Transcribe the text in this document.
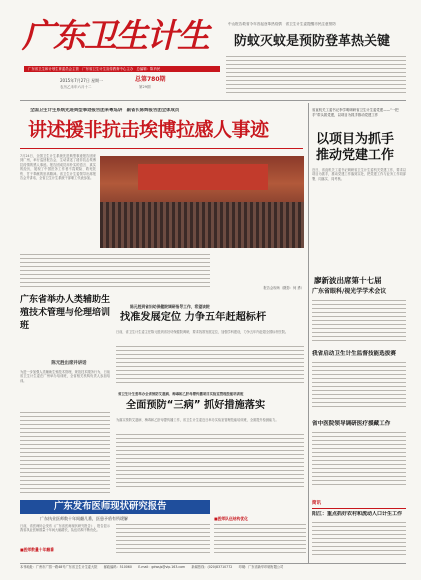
广东卫生计生
广东省卫生和计划生育委员会主管　广东省卫生计生宣传教育中心主办　总编辑：陈肖民
2015年7月27日 星期一	总第780期
农历乙未年六月十二	第29期
中山报告救省今年首起登革热疫情　省卫生计生委提醒市民注意预防
防蚊灭蚊是预防登革热关键
全国卫生计生系统先进典型事迹报告团来粤巡讲　副省长陈辉报告团全体成员
讲述援非抗击埃博拉感人事迹
7月24日，全国卫生计生系统先进典型事迹报告团来到广州，举行巡回报告会，生动讲述了援非抗击埃博拉疫情的感人事迹。报告团成员用朴实的语言、真实的经历，展现了中国医务工作者不畏艰险、救死扶伤、甘于奉献的崇高精神。省卫生计生委领导出席报告会并讲话，全省卫生计生系统干部职工代表参加。
报告会现场（摄影：何 勇）
省直机关工委书记李学明调研省卫生计生委党建——“一把手”带头抓党建，以项目为抓手推动党建工作
以项目为抓手
推动党建工作
近日，省直机关工委书记调研省卫生计生委机关党建工作，要求以项目为抓手，推动党建工作落到实处，把党建工作与业务工作同部署、同落实、同考核。
廖新波出席第十七届
广东省眼科/视光学学术会议
我省启动卫生计生监督技能选拔赛
省中医院领导调研医疗援藏工作
简讯
阳江：重点抓好农村和流动人口计生工作
广东省举办人类辅助生殖技术管理与伦理培训班
陈元胜出席并讲话
为进一步加强人类辅助生殖技术管理，规范技术服务行为，日前省卫生计生委在广州举办培训班，全省相关机构负责人参加培训。
陈元胜到省妇幼保健院调研指导工作，希望该院
找准发展定位 力争五年赶超标杆
日前，省卫生计生委主任陈元胜到省妇幼保健院调研，要求找准发展定位，加强学科建设，力争五年内赶超全国标杆医院。
省卫生计生委举办全省预防艾滋病、梅毒和乙肝母婴传播项目实验室管理技能培训班
全面预防“三病” 抓好措施落实
为落实预防艾滋病、梅毒和乙肝母婴传播工作，省卫生计生委近日举办实验室管理技能培训班，全面提升检测能力。
广东发布医师现状研究报告
广东执业医师数十年间翻几番，医患矛盾有所缓解
日前，省医师协会发布《广东省医师现状研究报告》，报告显示我省执业医师数量十年间大幅增长，队伍结构不断优化。
■医师数量十年翻番
■医师队伍结构优化
本刊地址：广州市广园一路48号广东省卫生计生委大院　　邮政编码：510060　　E-mail：gdwsjs@vip.163.com　　新闻热线：(020)83710772　　印刷：广东省新华印刷有限公司
